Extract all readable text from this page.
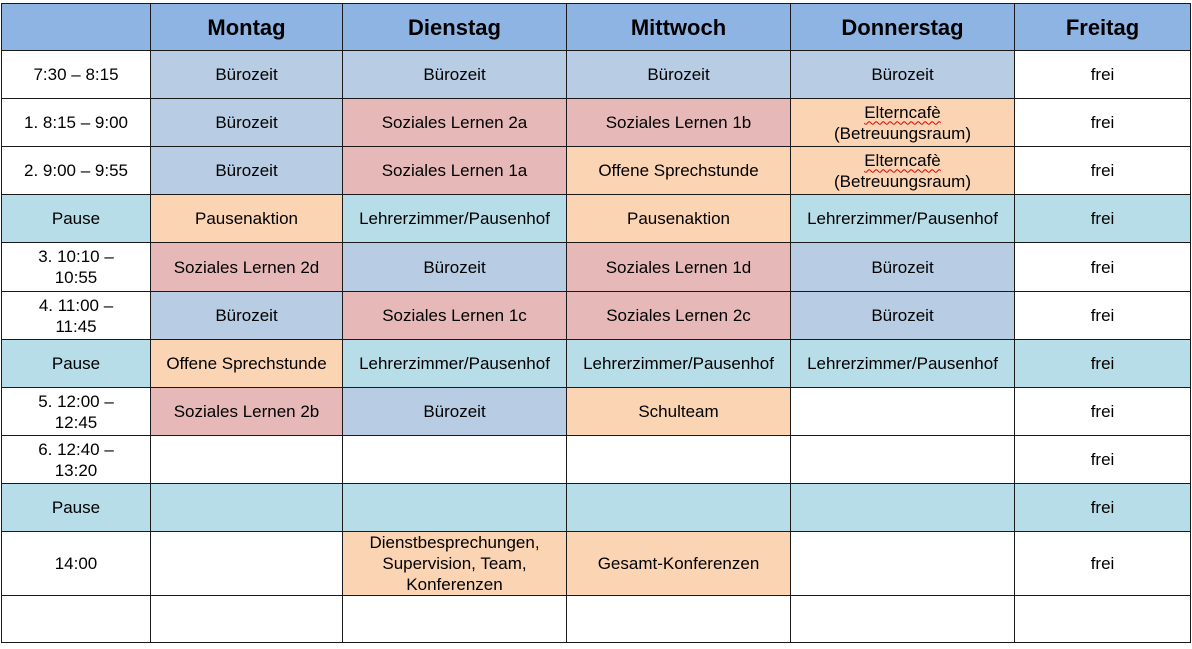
	Montag	Dienstag	Mittwoch	Donnerstag	Freitag
7:30 – 8:15	Bürozeit	Bürozeit	Bürozeit	Bürozeit	frei
1. 8:15 – 9:00	Bürozeit	Soziales Lernen 2a	Soziales Lernen 1b	Elterncafè
(Betreuungsraum)	frei
2. 9:00 – 9:55	Bürozeit	Soziales Lernen 1a	Offene Sprechstunde	Elterncafè
(Betreuungsraum)	frei
Pause	Pausenaktion	Lehrerzimmer/Pausenhof	Pausenaktion	Lehrerzimmer/Pausenhof	frei

3. 10:10 –
10:55	Soziales Lernen 2d	Bürozeit	Soziales Lernen 1d	Bürozeit	frei

4. 11:00 –
11:45	Bürozeit	Soziales Lernen 1c	Soziales Lernen 2c	Bürozeit	frei
Pause	Offene Sprechstunde	Lehrerzimmer/Pausenhof	Lehrerzimmer/Pausenhof	Lehrerzimmer/Pausenhof	frei

5. 12:00 –
12:45	Soziales Lernen 2b	Bürozeit	Schulteam		frei

6. 12:40 –
13:20					frei
Pause					frei
14:00		Dienstbesprechungen,
Supervision, Team,
Konferenzen	Gesamt-Konferenzen		frei
